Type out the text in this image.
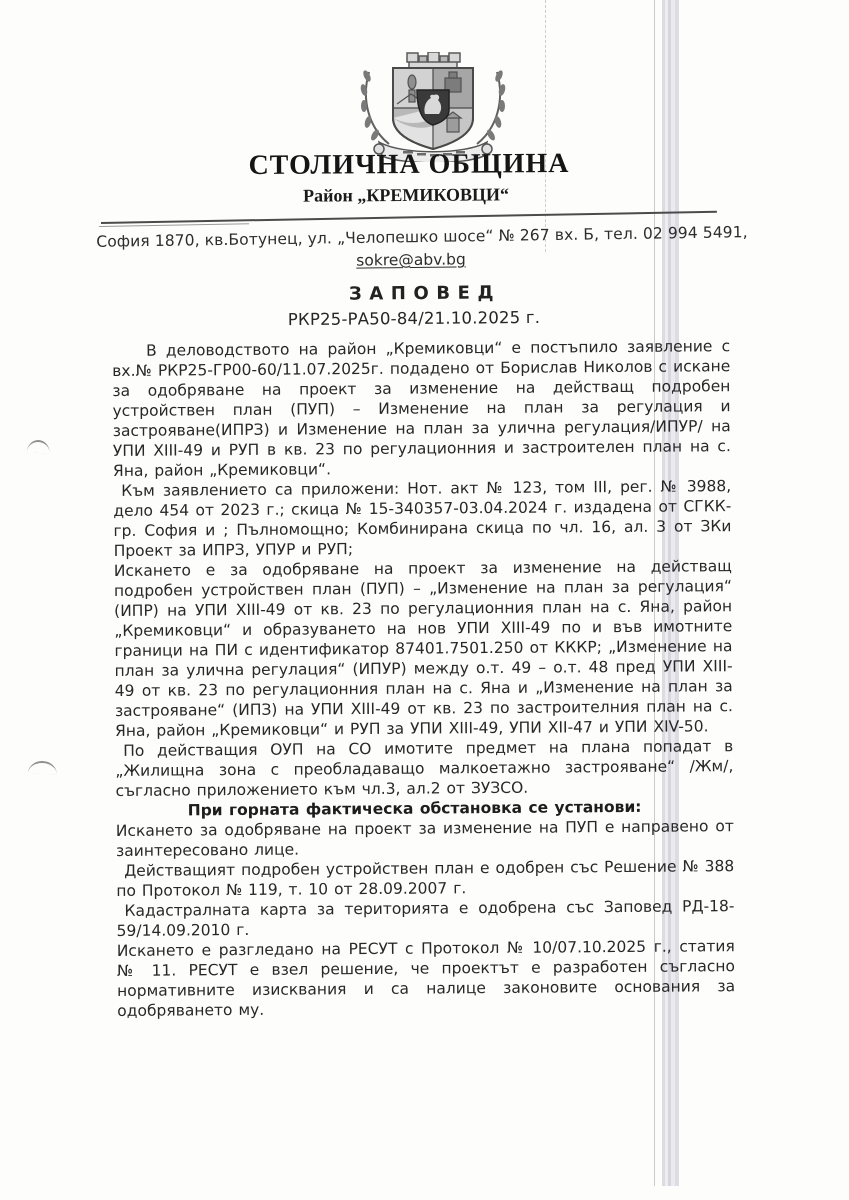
СТОЛИЧНА ОБЩИНА
Район „КРЕМИКОВЦИ“
София 1870, кв.Ботунец, ул. „Челопешко шосе“ № 267 вх. Б, тел. 02 994 5491,
sokre@abv.bg
ЗАПОВЕД
РКР25-РА50-84/21.10.2025 г.

В деловодството на район „Кремиковци“ е постъпило заявление с вх.№ РКР25-ГР00-60/11.07.2025г. подадено от Борислав Николов с искане за одобряване на проект за изменение на действащ подробен устройствен план (ПУП) – Изменение на план за регулация и застрояване(ИПРЗ) и Изменение на план за улична регулация/ИПУР/ на УПИ XIII-49 и РУП в кв. 23 по регулационния и застроителен план на с. Яна, район „Кремиковци“.

Към заявлението са приложени: Нот. акт № 123, том III, рег. № 3988, дело 454 от 2023 г.; скица № 15-340357-03.04.2024 г. издадена от СГКК-гр. София и ; Пълномощно; Комбинирана скица по чл. 16, ал. 3 от ЗКи Проект за ИПРЗ, УПУР и РУП;

Искането е за одобряване на проект за изменение на действащ подробен устройствен план (ПУП) – „Изменение на план за регулация“ (ИПР) на УПИ XIII-49 от кв. 23 по регулационния план на с. Яна, район „Кремиковци“ и образуването на нов УПИ XIII-49 по и във имотните граници на ПИ с идентификатор 87401.7501.250 от КККР; „Изменение на план за улична регулация“ (ИПУР) между о.т. 49 – о.т. 48 пред УПИ XIII-49 от кв. 23 по регулационния план на с. Яна и „Изменение на план за застрояване“ (ИПЗ) на УПИ XIII-49 от кв. 23 по застроителния план на с. Яна, район „Кремиковци“ и РУП за УПИ XIII-49, УПИ XII-47 и УПИ XIV-50.

По действащия ОУП на СО имотите предмет на плана попадат в „Жилищна зона с преобладаващо малкоетажно застрояване“ /Жм/, съгласно приложението към чл.3, ал.2 от ЗУЗСО.

При горната фактическа обстановка се установи:

Искането за одобряване на проект за изменение на ПУП е направено от заинтересовано лице.

Действащият подробен устройствен план е одобрен със Решение № 388 по Протокол № 119, т. 10 от 28.09.2007 г.

Кадастралната карта за територията е одобрена със Заповед РД-18-59/14.09.2010 г.

Искането е разгледано на РЕСУТ с Протокол № 10/07.10.2025 г., статия № 11. РЕСУТ е взел решение, че проектът е разработен съгласно нормативните изисквания и са налице законовите основания за одобряването му.
